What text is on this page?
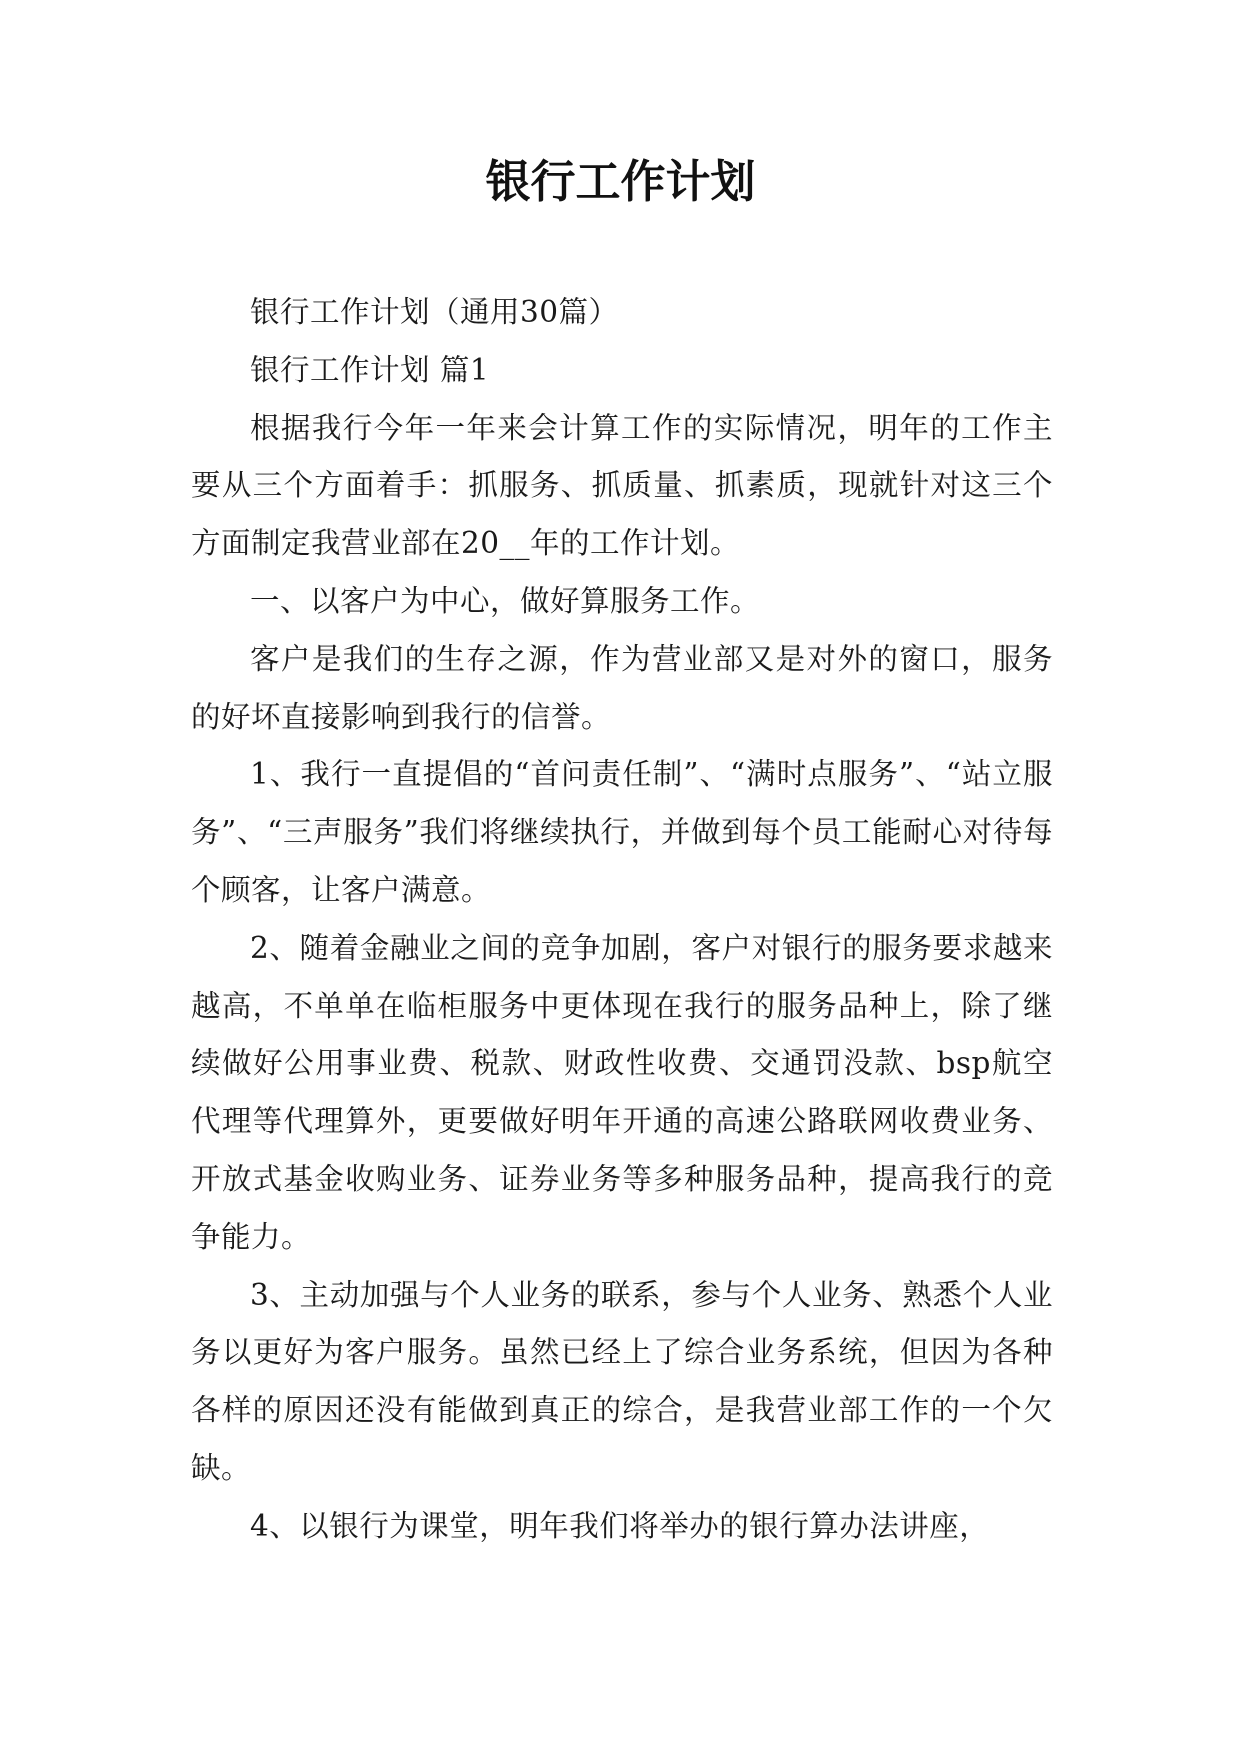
银行工作计划

银行工作计划（通用30篇）

银行工作计划 篇1

根据我行今年一年来会计算工作的实际情况，明年的工作主要从三个方面着手：抓服务、抓质量、抓素质，现就针对这三个方面制定我营业部在20__年的工作计划。

一、以客户为中心，做好算服务工作。

客户是我们的生存之源，作为营业部又是对外的窗口，服务的好坏直接影响到我行的信誉。

1、我行一直提倡的“首问责任制”、“满时点服务”、“站立服务”、“三声服务”我们将继续执行，并做到每个员工能耐心对待每个顾客，让客户满意。

2、随着金融业之间的竞争加剧，客户对银行的服务要求越来越高，不单单在临柜服务中更体现在我行的服务品种上，除了继续做好公用事业费、税款、财政性收费、交通罚没款、bsp航空代理等代理算外，更要做好明年开通的高速公路联网收费业务、开放式基金收购业务、证券业务等多种服务品种，提高我行的竞争能力。

3、主动加强与个人业务的联系，参与个人业务、熟悉个人业务以更好为客户服务。虽然已经上了综合业务系统，但因为各种各样的原因还没有能做到真正的综合，是我营业部工作的一个欠缺。

4、以银行为课堂，明年我们将举办的银行算办法讲座，
